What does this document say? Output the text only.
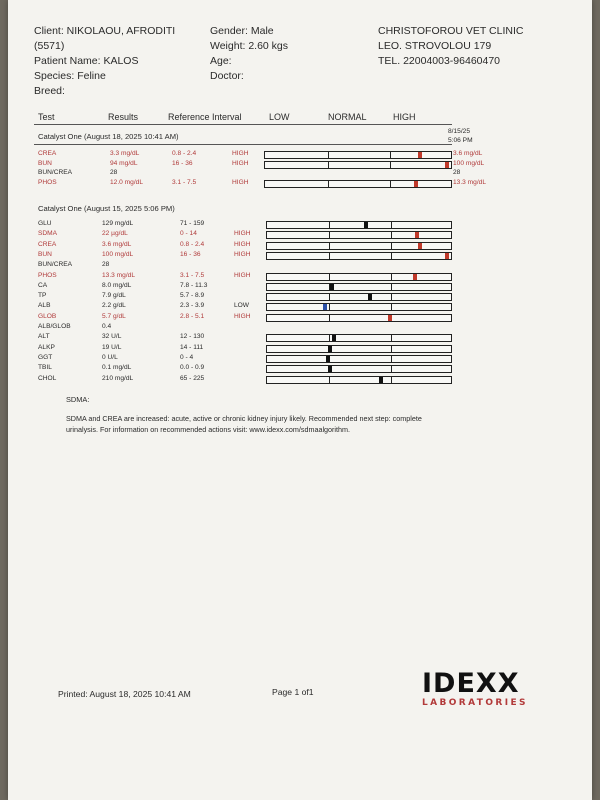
Client: NIKOLAOU, AFRODITI
(5571)
Patient Name: KALOS
Species: Feline
Breed:
Gender: Male
Weight: 2.60 kgs
Age:
Doctor:
CHRISTOFOROU VET CLINIC
LEO. STROVOLOU 179
TEL. 22004003-96460470
Test	Results	Reference Interval	LOW	NORMAL	HIGH
Catalyst One (August 18, 2025 10:41 AM)
8/15/25
5:06 PM
CREA	3.3 mg/dL	0.8 - 2.4	HIGH	3.6 mg/dL
BUN	94 mg/dL	16 - 36	HIGH	100 mg/dL
BUN/CREA	28	28
PHOS	12.0 mg/dL	3.1 - 7.5	HIGH	13.3 mg/dL
Catalyst One (August 15, 2025 5:06 PM)
GLU	129 mg/dL	71 - 159
SDMA	22 µg/dL	0 - 14	HIGH
CREA	3.6 mg/dL	0.8 - 2.4	HIGH
BUN	100 mg/dL	16 - 36	HIGH
BUN/CREA	28
PHOS	13.3 mg/dL	3.1 - 7.5	HIGH
CA	8.0 mg/dL	7.8 - 11.3
TP	7.9 g/dL	5.7 - 8.9
ALB	2.2 g/dL	2.3 - 3.9	LOW
GLOB	5.7 g/dL	2.8 - 5.1	HIGH
ALB/GLOB	0.4
ALT	32 U/L	12 - 130
ALKP	19 U/L	14 - 111
GGT	0 U/L	0 - 4
TBIL	0.1 mg/dL	0.0 - 0.9
CHOL	210 mg/dL	65 - 225
SDMA:
SDMA and CREA are increased: acute, active or chronic kidney injury likely. Recommended next step: complete urinalysis. For information on recommended actions visit: www.idexx.com/sdmaalgorithm.
Printed: August 18, 2025 10:41 AM	Page 1 of1	IDEXX
LABORATORIES
